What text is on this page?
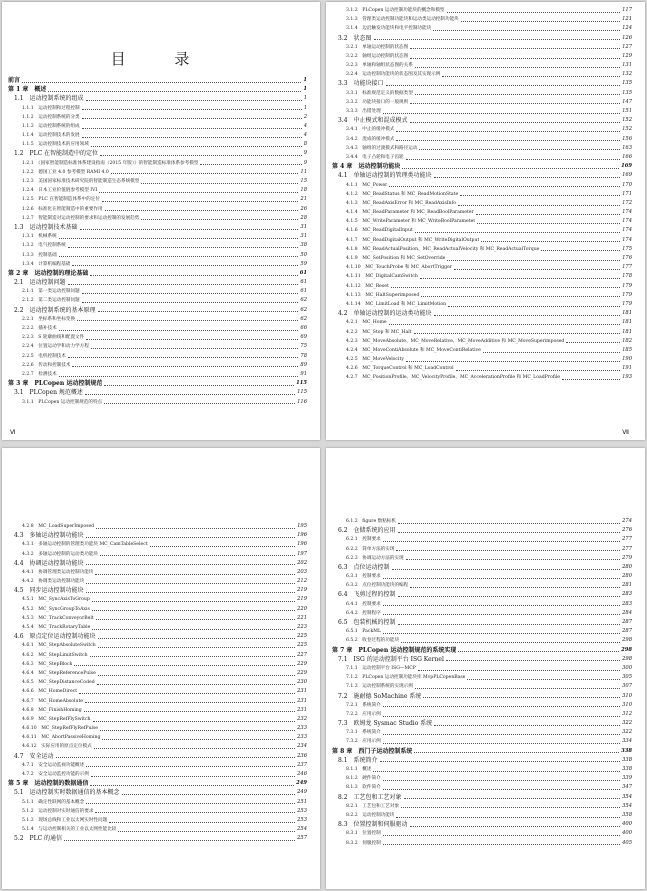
目 录
前言	1
第 1 章　概述	1
1.1　运动控制系统的组成	1
1.1.1　运动控制和过程控制	1
1.1.2　运动控制系统的分类	2
1.1.3　运动控制系统的组成	4
1.1.4　运动控制技术的发展	4
1.1.5　运动控制技术的应用领域	8
1.2　PLC 在智能制造中的定位	9
1.2.1　《国家智能制造标准体系建设指南（2015 年版）》的智能制造标准体系参考模型	9
1.2.2　德国工业 4.0 参考模型 RAMI 4.0	11
1.2.3　美国国家标准技术研究院的智能制造生态系统模型	15
1.2.4　日本工业价值链参考模型 IVI	18
1.2.5　PLC 在智能制造体系中的定位	21
1.2.6　标准化在智能制造中的重要作用	26
1.2.7　智能制造对运动控制的要求和运动控制的发展趋势	28
1.3　运动控制技术基础	31
1.3.1　机械系统	31
1.3.2　电气控制系统	38
1.3.3　控制基础	50
1.3.4　计算机编程基础	59
第 2 章　运动控制的理论基础	61
2.1　运动控制问题	61
2.1.1　第一类运动控制问题	61
2.1.2　第二类运动控制问题	62
2.2　运动控制系统的基本原理	62
2.2.1　坐标系和坐标变换	62
2.2.2　插补技术	66
2.2.3　S 轮廓曲线和配置文件	69
2.2.4　位置运动学和动力学方程	75
2.2.5　电机控制技术	78
2.2.6　传动和控制技术	89
2.2.7　检测技术	91
第 3 章　PLCopen 运动控制规范	115
3.1　PLCopen 规范概述	115
3.1.1　PLCopen 运动控制规范的特点	116
Ⅵ
3.1.2　PLCopen 运动控制功能块的概念和模型	117
3.1.3　管理类运动控制功能块和运动类运动控制功能块	121
3.1.4　边沿触发功能块和电平控制功能块	124
3.2　状态图	126
3.2.1　单轴运动控制的状态图	127
3.2.2　轴组运动控制的状态图	129
3.2.3　单轴和轴组状态图的关系	131
3.2.4　运动控制功能块的状态图及其实现示例	132
3.3　功能块接口	135
3.3.1　标准规范定义的数据类型	135
3.3.2　功能块接口的一般规则	147
3.3.3　出错处理	151
3.4　中止模式和混成模式	152
3.4.1　中止的缓冲模式	152
3.4.2　混成的缓冲模式	156
3.4.3　轴组的过渡模式和路径运动	163
3.4.4　电子凸轮和电子齿轮	166
第 4 章　运动控制功能块	169
4.1　单轴运动控制的管理类功能块	169
4.1.1　MC_Power	170
4.1.2　MC_ReadStatus 和 MC_ReadMotionState	171
4.1.3　MC_ReadAxisError 和 MC_ReadAxisInfo	172
4.1.4　MC_ReadParameter 和 MC_ReadBoolParameter	174
4.1.5　MC_WriteParameter 和 MC_WriteBoolParameter	174
4.1.6　MC_ReadDigitalInput	174
4.1.7　MC_ReadDigitalOutput 和 MC_WriteDigitalOutput	174
4.1.8　MC_ReadActualPosition、MC_ReadActualVelocity 和 MC_ReadActualTorque	175
4.1.9　MC_SetPosition 和 MC_SetOverride	176
4.1.10　MC_TouchProbe 和 MC_AbortTrigger	177
4.1.11　MC_DigitalCamSwitch	178
4.1.12　MC_Reset	179
4.1.13　MC_HaltSuperimposed	179
4.1.14　MC_LimitLoad 和 MC_LimitMotion	179
4.2　单轴运动控制的运动类功能块	181
4.2.1　MC_Home	181
4.2.2　MC_Stop 和 MC_Halt	181
4.2.3　MC_MoveAbsolute、MC_MoveRelative、MC_MoveAdditive 和 MC_MoveSuperimposed	182
4.2.4　MC_MoveContiAbsolute 和 MC_MoveContiRelative	185
4.2.5　MC_MoveVelocity	190
4.2.6　MC_TorqueControl 和 MC_LoadControl	191
4.2.7　MC_PositionProfile、MC_VelocityProfile、MC_AccelerationProfile 和 MC_LoadProfile	193
Ⅶ
4.2.8　MC_LoadSuperImposed	195
4.3　多轴运动控制功能块	196
4.3.1　多轴运动控制的管理类功能块 MC_CamTableSelect	196
4.3.2　多轴运动控制的运动类功能块	197
4.4　协调运动控制功能块	202
4.4.1　协调管理类运动控制功能块	203
4.4.2　协调类运动控制功能块	212
4.5　同步运动控制功能块	219
4.5.1　MC_SyncAxisToGroup	219
4.5.2　MC_SyncGroupToAxis	220
4.5.3　MC_TrackConveyorBelt	221
4.5.4　MC_TrackRotaryTable	223
4.6　原点定位运动控制功能块	225
4.6.1　MC_StepAbsoluteSwitch	225
4.6.2　MC_StepLimitSwitch	227
4.6.3　MC_StepBlock	229
4.6.4　MC_StepReferencePulse	229
4.6.5　MC_StepDistanceCoded	230
4.6.6　MC_HomeDirect	231
4.6.7　MC_HomeAbsolute	231
4.6.8　MC_FinishHoming	231
4.6.9　MC_StepRefFlySwitch	232
4.6.10　MC_StepRefFlyRefPulse	233
4.6.11　MC_AbortPassiveHoming	233
4.6.12　实际应用的原点定位模式	234
4.7　安全运动	236
4.7.1　安全运动监视功能概述	237
4.7.2　安全运动监控功能的示例	246
第 5 章　运动控制的数据通信	249
5.1　运动控制实时数据通信的基本概念	249
5.1.1　确定性联网的基本概念	251
5.1.2　运动控制对实时通信的要求	253
5.1.3　现场总线和工业以太网实时性问题	253
5.1.4　与运动控制相关的工业以太网性能比较	254
5.2　PLC 的通信	257
6.1.2　figure 数粘标机	274
6.2　仓储系统的应用	276
6.2.1　控制要求	277
6.2.2　简单方法的实现	277
6.2.3　协调运动方法的实现	279
6.3　点位运动控制	280
6.3.1　控制要求	280
6.3.2　点位控制功能块的编程	281
6.4　飞剪过程的控制	283
6.4.1　控制要求	283
6.4.2　控制程序	284
6.5　包装机械的控制	287
6.5.1　PackML	287
6.5.2　收卷过程的功能块	298
第 7 章　PLCopen 运动控制规范的系统实现	298
7.1　ISG 的运动控制平台 ISG Kernel	298
7.1.1　运动控制平台 ISG—MCP	300
7.1.2　PLCopen 运动控制功能块库 MvpPLCopenBase	305
7.1.3　运动控制系统的实现示例	307
7.2　施耐德 SoMachine 系统	310
7.2.1　系统简介	310
7.2.2　应用示例	312
7.3　欧姆龙 Sysmac Studio 系统	322
7.3.1　系统简介	322
7.3.2　应用示例	334
第 8 章　西门子运动控制系统	338
8.1　系统简介	338
8.1.1　概述	338
8.1.2　硬件简介	339
8.1.3　软件简介	347
8.2　工艺包和工艺对象	354
8.2.1　工艺包和工艺对象	354
8.2.2　运动控制功能块	358
8.3　位置控制和伺服驱动	400
8.3.1　位置控制	400
8.3.2　伺服控制	405
